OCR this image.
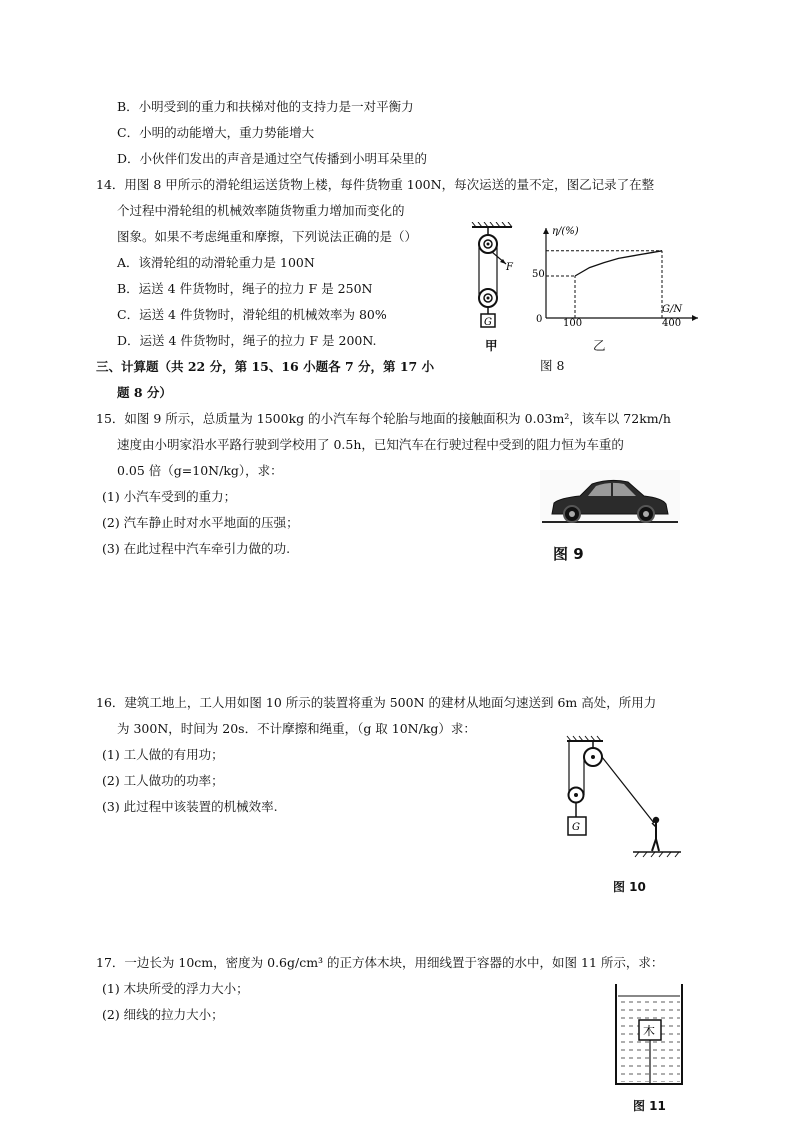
B．小明受到的重力和扶梯对他的支持力是一对平衡力
C．小明的动能增大，重力势能增大
D．小伙伴们发出的声音是通过空气传播到小明耳朵里的
14．用图 8 甲所示的滑轮组运送货物上楼，每件货物重 100N，每次运送的量不定，图乙记录了在整
个过程中滑轮组的机械效率随货物重力增加而变化的
图象。如果不考虑绳重和摩擦，下列说法正确的是（）
A．该滑轮组的动滑轮重力是 100N
B．运送 4 件货物时，绳子的拉力 F 是 250N
C．运送 4 件货物时，滑轮组的机械效率为 80%
D．运送 4 件货物时，绳子的拉力 F 是 200N.
F
G
η/(%)
G/N
0 100	400
50
甲	乙
图 8
三、计算题（共 22 分，第 15、16 小题各 7 分，第 17 小
题 8 分）
15．如图 9 所示，总质量为 1500kg 的小汽车每个轮胎与地面的接触面积为 0.03m²，该车以 72km/h
速度由小明家沿水平路行驶到学校用了 0.5h，已知汽车在行驶过程中受到的阻力恒为车重的
0.05 倍（g=10N/kg），求：
(1) 小汽车受到的重力；
(2) 汽车静止时对水平地面的压强；
(3) 在此过程中汽车牵引力做的功.	图 9
16．建筑工地上，工人用如图 10 所示的装置将重为 500N 的建材从地面匀速送到 6m 高处，所用力
为 300N，时间为 20s．不计摩擦和绳重，（g 取 10N/kg）求：
(1) 工人做的有用功；
(2) 工人做功的功率；
(3) 此过程中该装置的机械效率.
G
图 10
17．一边长为 10cm，密度为 0.6g/cm³ 的正方体木块，用细线置于容器的水中，如图 11 所示，求：
(1) 木块所受的浮力大小；
(2) 细线的拉力大小；
木
图 11
